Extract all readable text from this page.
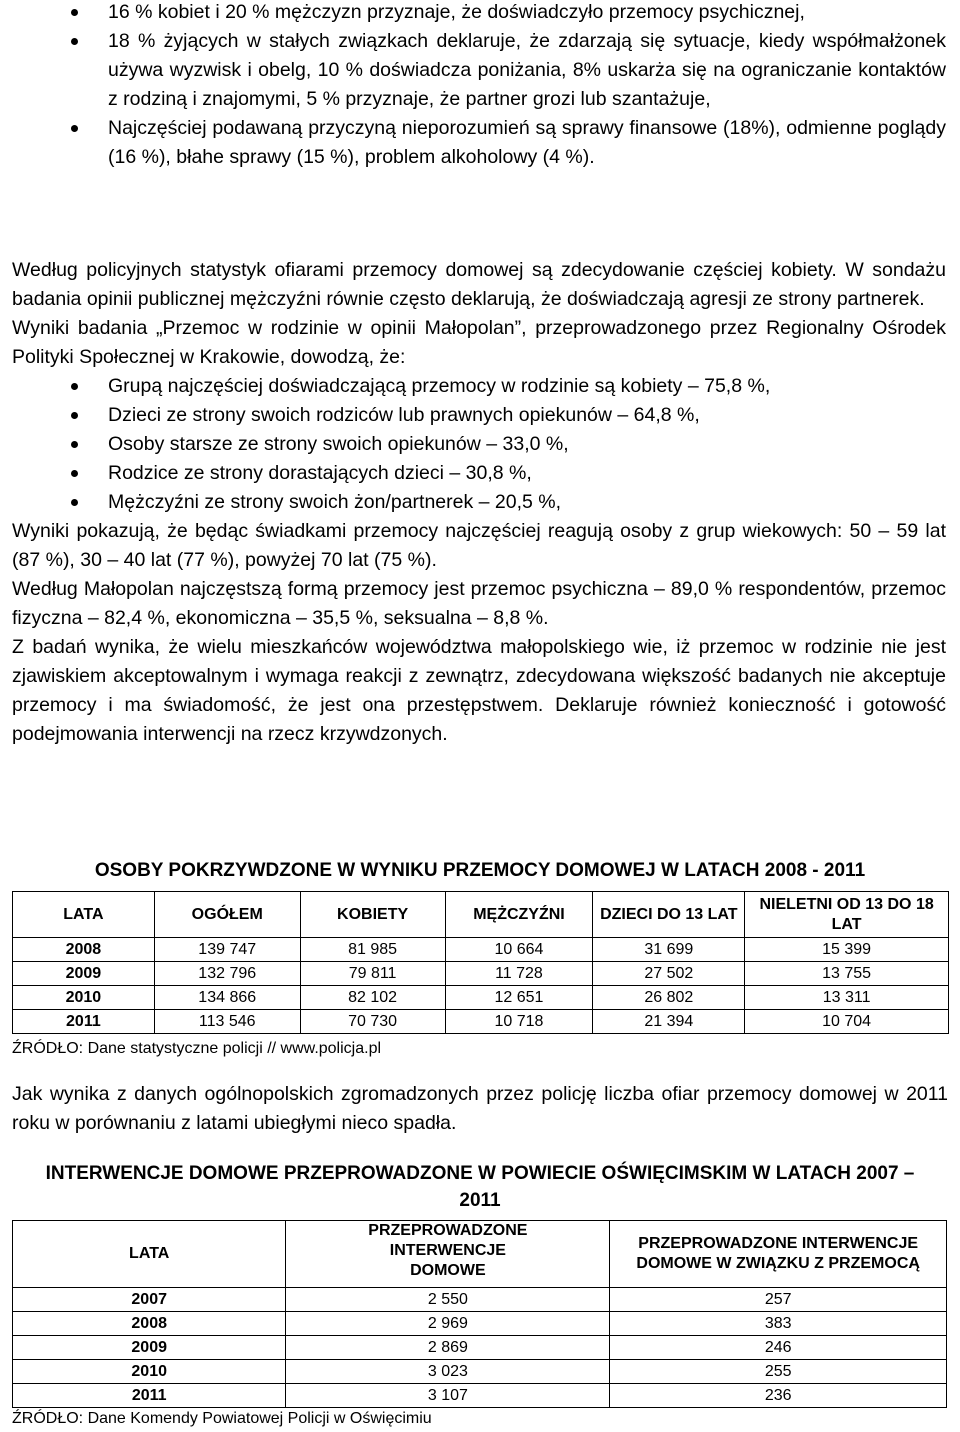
16 % kobiet i 20 % mężczyzn przyznaje, że doświadczyło przemocy psychicznej,
18 % żyjących w stałych związkach deklaruje, że zdarzają się sytuacje, kiedy współmałżonek używa wyzwisk i obelg, 10 % doświadcza poniżania, 8% uskarża się na ograniczanie kontaktów z rodziną i znajomymi, 5 % przyznaje, że partner grozi lub szantażuje,
Najczęściej podawaną przyczyną nieporozumień są sprawy finansowe (18%), odmienne poglądy (16 %), błahe sprawy (15 %), problem alkoholowy (4 %).

Według policyjnych statystyk ofiarami przemocy domowej są zdecydowanie częściej kobiety. W sondażu badania opinii publicznej mężczyźni równie często deklarują, że doświadczają agresji ze strony partnerek.

Wyniki badania „Przemoc w rodzinie w opinii Małopolan”, przeprowadzonego przez Regionalny Ośrodek Polityki Społecznej w Krakowie, dowodzą, że:

Grupą najczęściej doświadczającą przemocy w rodzinie są kobiety – 75,8 %,
Dzieci ze strony swoich rodziców lub prawnych opiekunów – 64,8 %,
Osoby starsze ze strony swoich opiekunów – 33,0 %,
Rodzice ze strony dorastających dzieci – 30,8 %,
Mężczyźni ze strony swoich żon/partnerek – 20,5 %,

Wyniki pokazują, że będąc świadkami przemocy najczęściej reagują osoby z grup wiekowych: 50 – 59 lat (87 %), 30 – 40 lat (77 %), powyżej 70 lat (75 %).

Według Małopolan najczęstszą formą przemocy jest przemoc psychiczna – 89,0 % respondentów, przemoc fizyczna – 82,4 %, ekonomiczna – 35,5 %, seksualna – 8,8 %.

Z badań wynika, że wielu mieszkańców województwa małopolskiego wie, iż przemoc w rodzinie nie jest zjawiskiem akceptowalnym i wymaga reakcji z zewnątrz, zdecydowana większość badanych nie akceptuje przemocy i ma świadomość, że jest ona przestępstwem. Deklaruje również konieczność i gotowość podejmowania interwencji na rzecz krzywdzonych.

OSOBY POKRZYWDZONE W WYNIKU PRZEMOCY DOMOWEJ W LATACH 2008 - 2011
LATA	OGÓŁEM	KOBIETY	MĘŻCZYŹNI	DZIECI DO 13 LAT	NIELETNI OD 13 DO 18 LAT
2008	139 747	81 985	10 664	31 699	15 399
2009	132 796	79 811	11 728	27 502	13 755
2010	134 866	82 102	12 651	26 802	13 311
2011	113 546	70 730	10 718	21 394	10 704
ŹRÓDŁO: Dane statystyczne policji // www.policja.pl

Jak wynika z danych ogólnopolskich zgromadzonych przez policję liczba ofiar przemocy domowej w 2011 roku w porównaniu z latami ubiegłymi nieco spadła.

INTERWENCJE DOMOWE PRZEPROWADZONE W POWIECIE OŚWIĘCIMSKIM W LATACH 2007 – 2011
LATA	PRZEPROWADZONE INTERWENCJE DOMOWE	PRZEPROWADZONE INTERWENCJE DOMOWE W ZWIĄZKU Z PRZEMOCĄ
2007	2 550	257
2008	2 969	383
2009	2 869	246
2010	3 023	255
2011	3 107	236
ŹRÓDŁO: Dane Komendy Powiatowej Policji w Oświęcimiu
